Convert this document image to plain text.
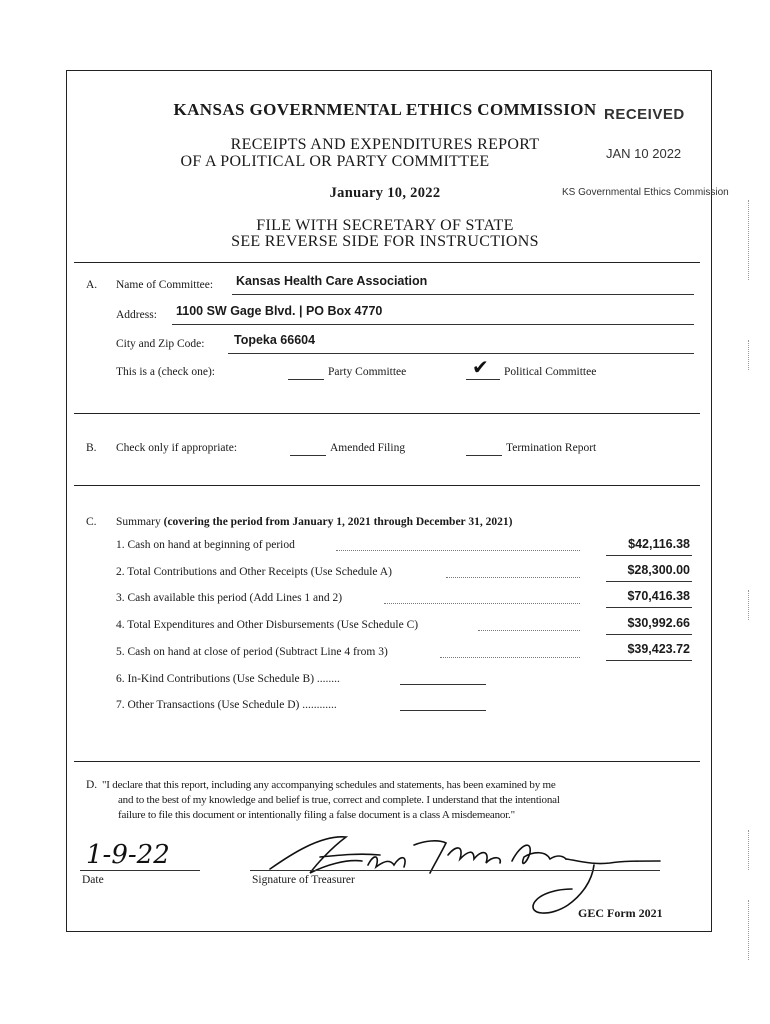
KANSAS GOVERNMENTAL ETHICS COMMISSION
RECEIPTS AND EXPENDITURES REPORT
OF A POLITICAL OR PARTY COMMITTEE
January 10, 2022
FILE WITH SECRETARY OF STATE
SEE REVERSE SIDE FOR INSTRUCTIONS
RECEIVED
JAN 10 2022
KS Governmental Ethics Commission
A. Name of Committee: Kansas Health Care Association
Address: 1100 SW Gage Blvd. | PO Box 4770
City and Zip Code: Topeka 66604
This is a (check one):	Party Committee	✔ Political Committee
B. Check only if appropriate:	Amended Filing	Termination Report
C. Summary (covering the period from January 1, 2021 through December 31, 2021)
1. Cash on hand at beginning of period	$42,116.38
2. Total Contributions and Other Receipts (Use Schedule A)	$28,300.00
3. Cash available this period (Add Lines 1 and 2)	$70,416.38
4. Total Expenditures and Other Disbursements (Use Schedule C)	$30,992.66
5. Cash on hand at close of period (Subtract Line 4 from 3)	$39,423.72
6. In-Kind Contributions (Use Schedule B) ........
7. Other Transactions (Use Schedule D) ............
D. "I declare that this report, including any accompanying schedules and statements, has been examined by me
and to the best of my knowledge and belief is true, correct and complete. I understand that the intentional
failure to file this document or intentionally filing a false document is a class A misdemeanor."
1-9-22
Date	Signature of Treasurer
GEC Form 2021
